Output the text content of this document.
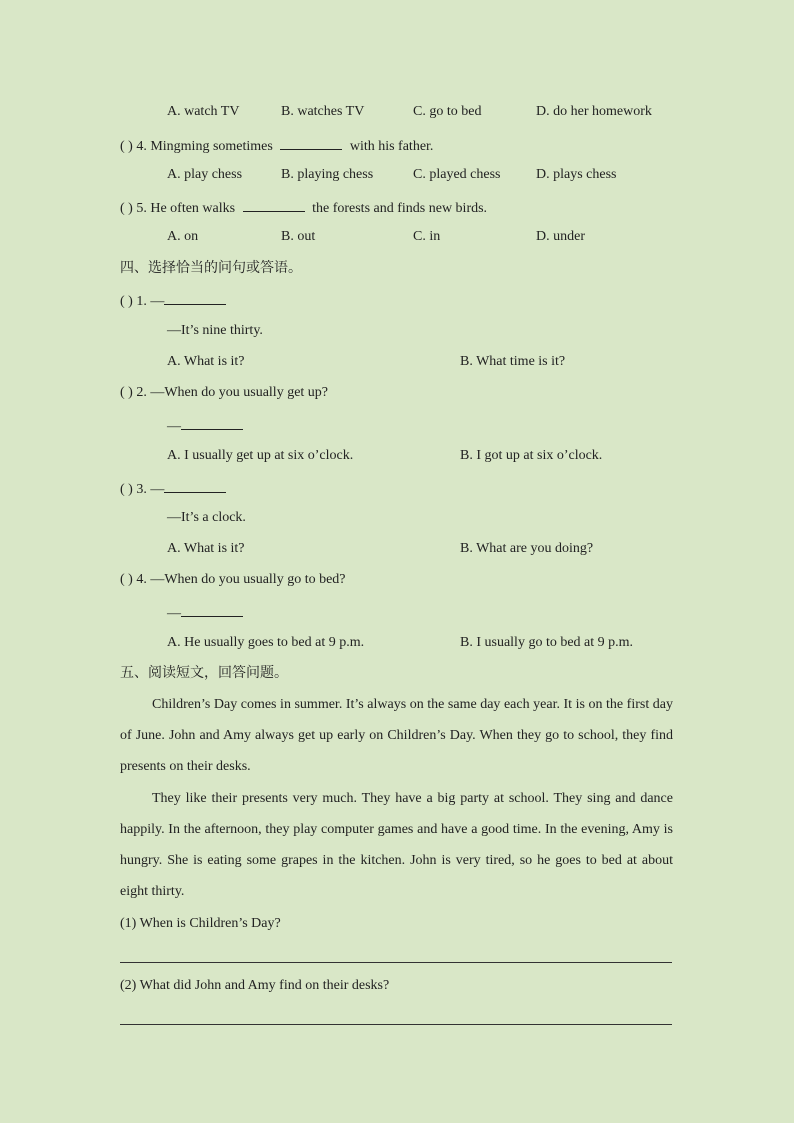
A. watch TV	B. watches TV	C. go to bed	D. do her homework
( ) 4. Mingming sometimes	with his father.
A. play chess	B. playing chess	C. played chess	D. plays chess
( ) 5. He often walks	the forests and finds new birds.
A. on	B. out	C. in	D. under
四、选择恰当的问句或答语。
( ) 1. —
—It’s nine thirty.
A. What is it?	B. What time is it?
( ) 2. —When do you usually get up?
—
A. I usually get up at six o’clock.	B. I got up at six o’clock.
( ) 3. —
—It’s a clock.
A. What is it?	B. What are you doing?
( ) 4. —When do you usually go to bed?
—
A. He usually goes to bed at 9 p.m.	B. I usually go to bed at 9 p.m.
五、阅读短文，回答问题。
Children’s Day comes in summer. It’s always on the same day each year. It is on the first day of June. John and Amy always get up early on Children’s Day. When they go to school, they find presents on their desks.
They like their presents very much. They have a big party at school. They sing and dance happily. In the afternoon, they play computer games and have a good time. In the evening, Amy is hungry. She is eating some grapes in the kitchen. John is very tired, so he goes to bed at about eight thirty.
(1) When is Children’s Day?
(2) What did John and Amy find on their desks?
